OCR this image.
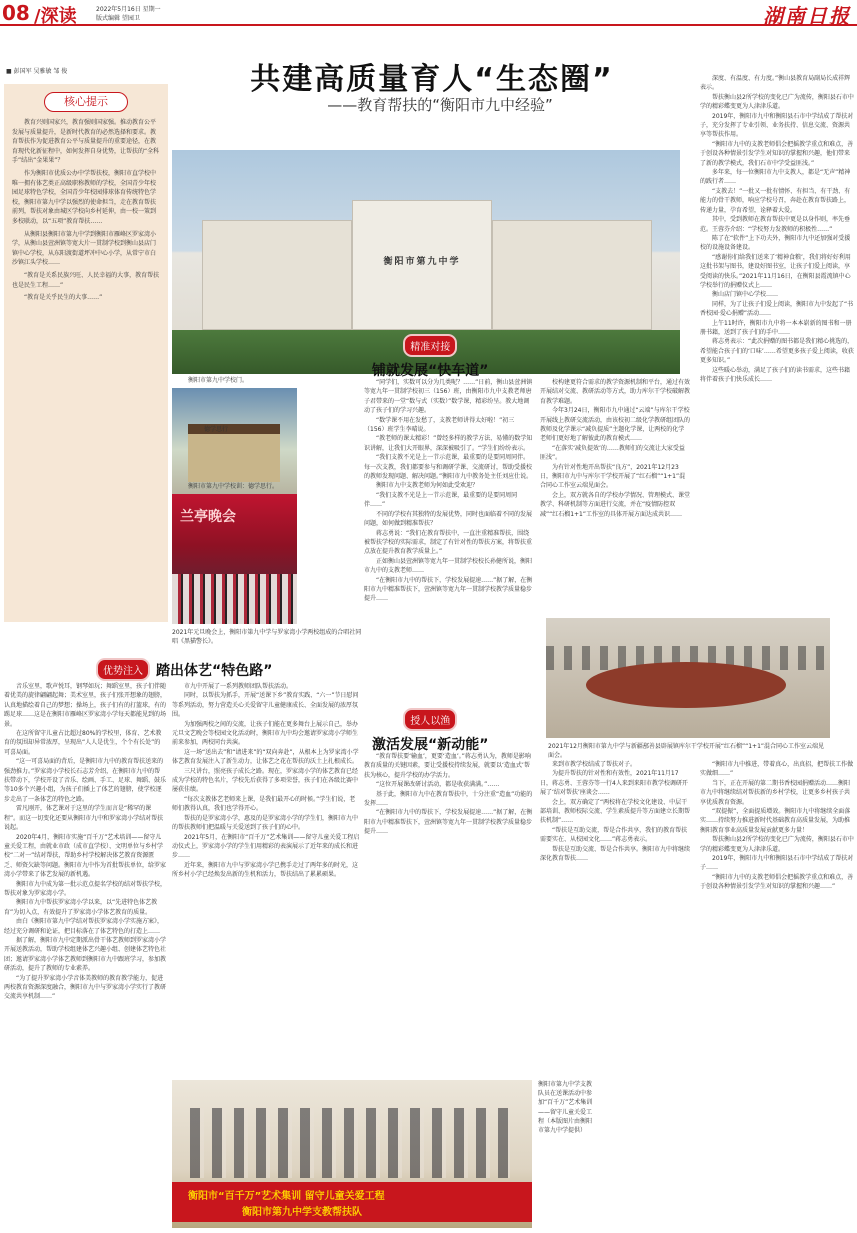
08 /深读	2022年5月16日 星期一
版式编辑 望园卫	湖南日报
■ 彭国军 吴雅敏 邹 俊	共建高质量育人“生态圈”
——教育帮扶的“衡阳市九中经验”
核心提示

教育兴则国家兴，教育强则国家强。推动教育公平发展与质量提升，是新时代教育的必然选择和要求。教育帮扶作为促进教育公平与质量提升的重要途径，在教育现代化新征程中，如何发挥自身优势，让帮扶的“全科手”结出“金果果”？

作为衡阳市优质公办中学帮扶校，衡阳市直学校中唯一拥有体艺类正高级职称教师的学校，全国青少年校园足球特色学校，全国青少年校园排球体育传统特色学校，衡阳市第九中学以强烈的使命担当，走在教育帮扶前列，帮扶对象由城区学校向乡村延伸，由一校一策到多校联动，以“五项”教育帮扶……

从衡阳县衡阳市第九中学到衡阳市雁峰区罗家湾小学，从衡山县萱洲镇等宽大片一贯制学校到衡山县店门镇中心学校，从东阳渡街道坪冲中心小学，从常宁市白沙镇江头学校……

“教育是关系民族兴旺、人民幸福的大事，教育帮扶也是民生工程……”

“教育是关乎民生的大事……”

衡阳市第九中学
衡阳市第九中学校门。
德学思行
衡阳市第九中学校训：德学思行。
兰亭晚会
2021年元旦晚会上，衡阳市第九中学与罗家湾小学两校组成的合唱社同唱《黑猫警长》。
精准对接
铺就发展“快车道”

“同学们，实数可以分为几类呢？……”日前，衡山县萱洲镇等宽九年一贯制学校初三（156）班，由衡阳市九中支教老师唐子君带来的一堂“数与式（实数）”数学课，精彩纷呈。教大地调动了孩子们的学习兴趣。

“数学课不用在发愁了，支教老师讲得太好啦！”初三（156）班学生李晴说。

“教老师的课太精彩！”曾经多样的教学方法、易懂的数学知识讲解，让我们大开眼界，深深被吸引了。“学生们纷纷表示。

“我们支教不光是上一节示范课，最重要的是要同周同伴。每一次支教，我们都要参与和调研学课、交流研讨，帮助受援校的教师发现问题、解决问题。”衡阳市九中教务处主任刘应仕说。

衡阳市九中支教老师为何如此受欢迎？

“我们支教不光是上一节示范课，最重要的是要同周同伴……”

不同的学校有其独特的发展优势，同时也面临着不同的发展问题，如何做到精准帮扶？

蒋志勇说：“我们在教育帮扶中，一直注重精准帮扶，围绕被帮扶学校的实际需求，制定了有针对性的帮扶方案，将帮扶重点放在提升教育教学质量上。”

正如衡山县萱洲镇等宽九年一贯制学校校长孙健所说，衡阳市九中的支教老师……

“在衡阳市九中的帮扶下，学校发展提速……”据了解，在衡阳市九中精准帮扶下，萱洲镇等宽九年一贯制学校教学质量稳步提升……

校构建更符合需求的教学资源机制和平台，通过有效开展结对交流、教研活动等方式，助力库尔干学校破解教育教学难题。

今年3月24日，衡阳市九中通过“云端”与库尔干学校开展线上教研交流活动，由该校初二级化学教研组团队的教师及化学课示“减负提质”主题化学课，让两校的化学老师们更好地了解彼此的教育模式……

“在落实‘减负提效’的……教师们的交流让大家受益匪浅”。

为有针对性地开出帮扶“良方”，2021年12月23日，衡阳市九中与库尔干学校开展了“红石榴”“1+1”混合同心工作室云端见面会。

会上，双方就各自的学校办学情况、管理模式、课堂教学、科研机制等方面进行交流，并在“疫情防控双减”“红石榴1+1”工作室的具体开展方面达成共识……

深度、有温度、有力度。”衡山县教育局副局长成祥辉表示。

帮扶衡山县2所学校的变化已广为流传，衡阳县石市中学的精彩蝶变更为人津津乐道。

2019年，衡阳市九中和衡阳县石市中学结成了帮扶对子，充分发挥了专业引领、业务扶持、信息交流、资源共享等帮扶作用。

“衡阳市九中的支教老师倡会把摇教学重点和难点，善于创设各种情景引发学生对知识的掌握和兴趣，他们带来了新的教学模式，我们石市中学受益匪浅。”

多年来，每一位衡阳市九中支教人，都是“无声”精神的践行者……

“支教去！”一批又一批有情怀、有担当、有干劲、有能力的骨干教师，响应学校号召，奔赴在教育帮扶路上，传递力量，孕育希望，诠释着大爱。

其中，受到教师在教育帮扶中更是以身作则，率先垂范。王蓉芬介绍：“学校努力发教师的积极性……”

陈了在“软件”上下功夫外，衡阳市九中还加强对受援校的设施设备建设。

“感谢你们给我们送来了‘精神食粮’，我们将好好利用这批书架与图书，建设好图书室，让孩子们爱上阅读，享受阅读的快乐。”2021年11月16日，在衡阳县霞流镇中心学校举行的捐赠仪式上……

衡山店门镇中心学校……

同样，为了让孩子们爱上阅读，衡阳市九中发起了“书香校园·爱心捐赠”活动……

上午11时许，衡阳市九中将一本本崭新的图书和一册册书籍，送到了孩子们的手中……

蒋志勇表示：“此次捐赠的图书都是我们精心挑选的，希望能合孩子们的‘口味’……希望更多孩子爱上阅读，收获更多知识。”

这些暖心举动，满足了孩子们的读书需求，这些书籍将伴着孩子们快乐成长……

2021年12月衡阳市第九中学与新疆鄯善县辟展镇库尔干学校开展“红石榴”“1+1”混合同心工作室云端见面会。
优势注入 踏出体艺“特色路”

音乐室里，歌声悦耳，钢琴如玩；舞蹈室里，孩子们伴随着优美的旋律翩翩起舞；美术室里，孩子们张开想象的翅膀，认真地描绘着自己的梦想；操场上，孩子们有的打篮球，有的踢足球……这是在衡阳市雁峰区罗家湾小学每天都能见到的场景。

在这所留守儿童占比超过80%的学校里，体育、艺术教育的氛围却异常浓厚，呈现出“人人是优生，个个有长处”的可喜局面。

“这一可喜局面的背后，是衡阳市九中的教育帮扶送来的强劲推力。”罗家湾小学校长石志芳介绍，在衡阳市九中的帮扶带动下，学校开设了音乐、绘画、手工、足球、舞蹈、鼓乐等10多个兴趣小组，为孩子们插上了体艺的翅膀，使学校逐步走出了一条体艺的特色之路。

雷凡刚开，体艺课对于这里的学生而言是“稀罕的课程”。而这一切变化还要从衡阳市九中和罗家湾小学结对帮扶说起。

2020年4月，衡阳市实施“百千万”艺术培训——留守儿童关爱工程，由就业市政（成市直学校）、文明单位与乡村学校“二对一”结对帮扶，帮助乡村学校解决体艺教育资源匮乏、师资欠缺等问题。衡阳市九中作为首批帮扶单位，给罗家湾小学带来了体艺发展的新机遇。

衡阳市九中成为第一批示范点提名学校的结对帮扶学校，帮扶对象为罗家湾小学。

衡阳市九中帮扶罗家湾小学以来，以“先进特色体艺教育”为切入点，有效提升了罗家湾小学体艺教育的质量。

由白《衡阳市第九中学结对帮扶罗家湾小学实施方案》，经过充分调研和论证，把目标落在了体艺特色的打造上……

据了解，衡阳市九中定期派出骨干体艺教师到罗家湾小学开展送教活动，帮助学校组建体艺兴趣小组、创建体艺特色社团；邀请罗家湾小学体艺教师到衡阳市九中跟班学习，参加教研活动，提升了教师的专业素养。

“为了提升罗家湾小学音体美教师的教育教学能力，促进两校教育资源深度融合，衡阳市九中与罗家湾小学实行了教研交流共享机制……”

市九中开展了一系列教师团队帮扶活动。

同时，以帮扶为抓手，开展“送课下乡”教育实践、“六一”节日慰问等系列活动，努力营造关心关爱留守儿童健康成长、全面发展的浓厚氛围。

为加强两校之间的交流，让孩子们能在更多舞台上展示自己，举办元旦文艺晚会等校园文化活动时，衡阳市九中均会邀请罗家湾小学师生前来参加，两校同台共演。

这一场“送出去”和“请进来”的“双向奔赴”，从根本上为罗家湾小学体艺教育发展注入了新生动力，让体艺之花在帮扶的沃土上扎根成长。

三尺讲台，照亮孩子成长之路。现在，罗家湾小学的体艺教育已经成为学校的特色名片，学校先后获得了多项荣誉，孩子们在各级比赛中屡获佳绩。

“每次支教体艺老师来上课，是我们最开心的时候。”学生们说，老师们教得认真，我们也学得开心。

帮扶的是罗家湾小学，惠及的是罗家湾小学的学生们，衡阳市九中的帮扶教师们把温暖与关爱送到了孩子们的心中。

2021年5月，在衡阳市“百千万”艺术集训——留守儿童关爱工程启动仪式上，罗家湾小学的学生们用精彩的表演展示了近年来的成长和进步……

近年来，衡阳市九中与罗家湾小学已携手走过了两年多的时光，这所乡村小学已经焕发出新的生机和活力，帮扶结出了累累硕果。

授人以渔
激活发展“新动能”

“教育帮扶要‘输血’，更要‘造血’。”蒋志勇认为，教师是影响教育质量的关键因素，要让受援校持续发展，就要以‘造血式’帮扶为核心，提升学校的办学活力。

“这位开展课改研讨活动，都是收获满满。”……

基于此，衡阳市九中在教育帮扶中，十分注重“造血”功能的发挥……

“在衡阳市九中的帮扶下，学校发展提速……”据了解，在衡阳市九中精准帮扶下，萱洲镇等宽九年一贯制学校教学质量稳步提升……

来到市教学校结成了帮扶对子。

为提升帮扶的针对性和有效性，2021年11月17日，蒋志勇、王蓉芬等一行4人来到来阳市教学校调研开展了‘结对帮扶’座谈会……

会上，双方确定了“两校将在学校文化建设、中层干部培训、教师校际交流、学生素质提升等方面建立长期帮扶机制”……

“帮扶是互助交流，帮是合作共享，我们的教育帮扶需要实在、从校园文化……”蒋志勇表示。

帮扶是互助交流、帮是合作共享。衡阳市九中将继续深化教育帮扶……

“衡阳市九中推进，带着真心，出真招，把帮扶工作做实做细……”

当下，正在开展的第二期书香校园捐赠活动……衡阳市九中将继续结对帮扶新的乡村学校，让更多乡村孩子共享优质教育资源。

“双提振”，全面提质增效。衡阳市九中将继续全面落实……持续努力推进新时代基础教育高质量发展，为助推衡阳教育事业高质量发展贡献更多力量！

帮扶衡山县2所学校的变化已广为流传，衡阳县石市中学的精彩蝶变更为人津津乐道。

2019年，衡阳市九中和衡阳县石市中学结成了帮扶对子……

“衡阳市九中的支教老师倡会把摇教学重点和难点，善于创设各种情景引发学生对知识的掌握和兴趣……”

衡阳市“百千万”艺术集训 留守儿童关爱工程
衡阳市第九中学支教帮扶队
衡阳市第九中学支教队员在送课活动中参加“百千万”艺术集训——留守儿童关爱工程（本版图片由衡阳市第九中学提供）
